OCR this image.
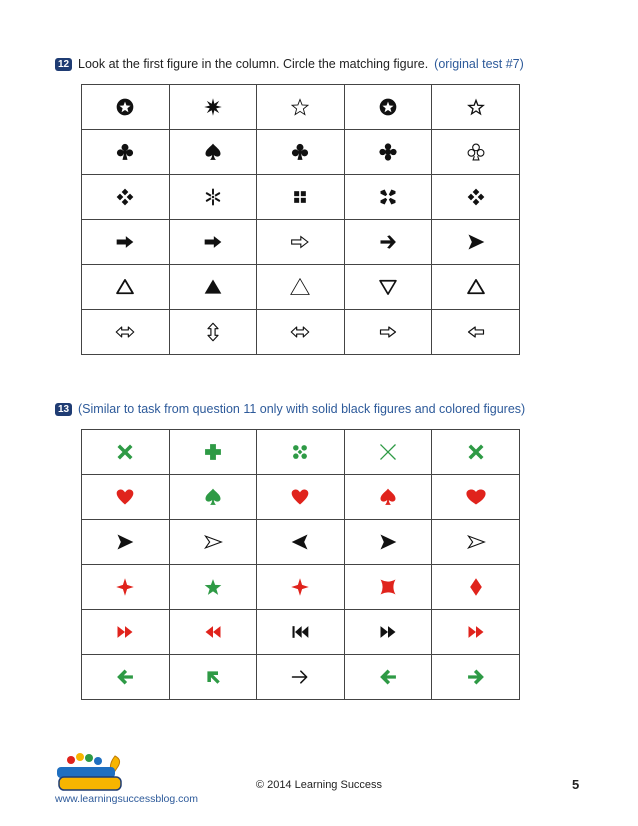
12 Look at the first figure in the column. Circle the matching figure. (original test #7)
13 (Similar to task from question 11 only with solid black figures and colored figures)
www.learningsuccessblog.com
© 2014 Learning Success	5
